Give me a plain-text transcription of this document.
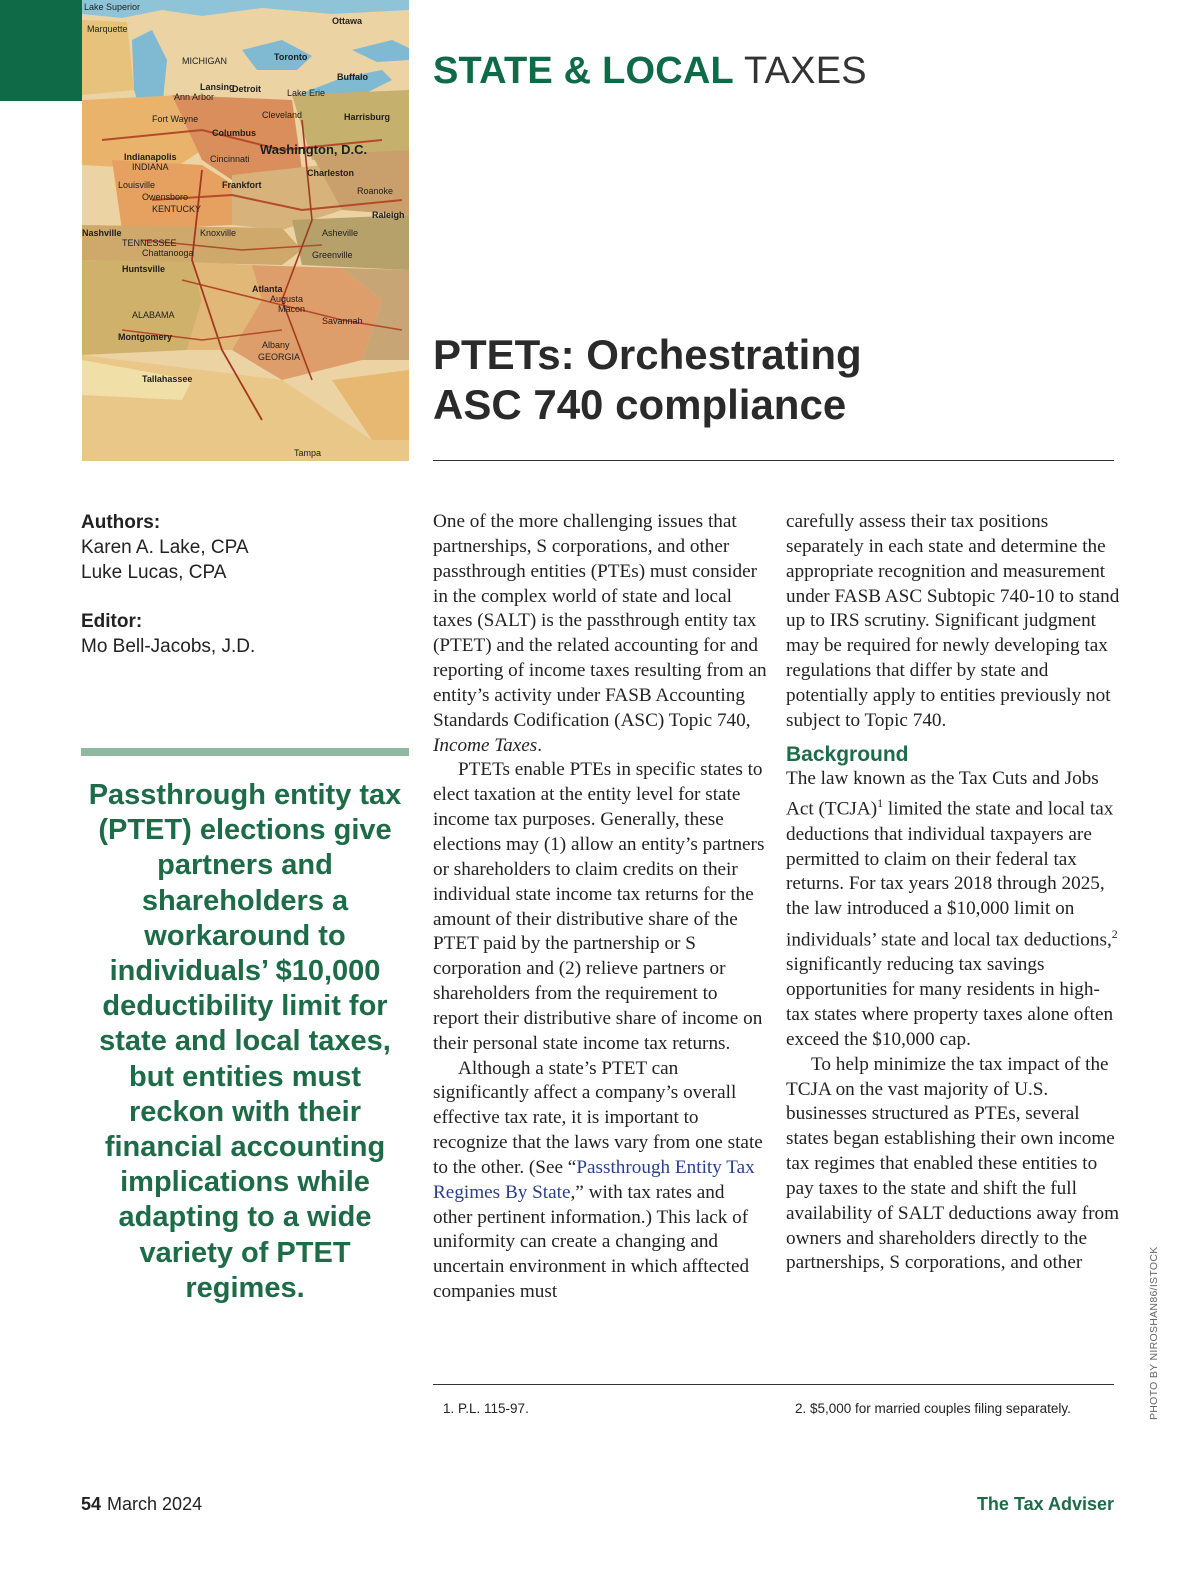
Lake Superior
Marquette
MICHIGAN	Toronto
Ottawa
Lansing
Ann Arbor
Detroit	Lake Erie
Buffalo
Fort Wayne	Cleveland	Harrisburg
Columbus
Washington, D.C.
Indianapolis
INDIANA
Cincinnati
Charleston
Frankfort
Louisville
Owensboro
KENTUCKY
Roanoke
Raleigh
Nashville	Knoxville
TENNESSEE
Chattanooga
Asheville
Greenville
Huntsville
Atlanta
Augusta
Macon
ALABAMA
Montgomery
Savannah
Albany
GEORGIA
Tallahassee
Tampa
STATE & LOCAL TAXES
PTETs: Orchestrating
ASC 740 compliance
Authors:
Karen A. Lake, CPA
Luke Lucas, CPA
Editor:
Mo Bell-Jacobs, J.D.
Passthrough entity tax (PTET) elections give partners and shareholders a workaround to individuals’ $10,000 deductibility limit for state and local taxes, but entities must reckon with their financial accounting implications while adapting to a wide variety of PTET regimes.

One of the more challenging issues that partnerships, S corporations, and other passthrough entities (PTEs) must consider in the complex world of state and local taxes (SALT) is the passthrough entity tax (PTET) and the related accounting for and reporting of income taxes resulting from an entity’s activity under FASB Accounting Standards Codification (ASC) Topic 740, Income Taxes.

PTETs enable PTEs in specific states to elect taxation at the entity level for state income tax purposes. Generally, these elections may (1) allow an entity’s partners or shareholders to claim credits on their individual state income tax returns for the amount of their distributive share of the PTET paid by the partnership or S corporation and (2) relieve partners or shareholders from the requirement to report their distributive share of income on their personal state income tax returns.

Although a state’s PTET can significantly affect a company’s overall effective tax rate, it is important to recognize that the laws vary from one state to the other. (See “Passthrough Entity Tax Regimes By State,” with tax rates and other pertinent information.) This lack of uniformity can create a changing and uncertain environment in which afftected companies must

carefully assess their tax positions separately in each state and determine the appropriate recognition and measurement under FASB ASC Subtopic 740-10 to stand up to IRS scrutiny. Significant judgment may be required for newly developing tax regulations that differ by state and potentially apply to entities previously not subject to Topic 740.

Background

The law known as the Tax Cuts and Jobs Act (TCJA)$^1$ limited the state and local tax deductions that individual taxpayers are permitted to claim on their federal tax returns. For tax years 2018 through 2025, the law introduced a $10,000 limit on individuals’ state and local tax deductions,$^2$ significantly reducing tax savings opportunities for many residents in high-tax states where property taxes alone often exceed the $10,000 cap.

To help minimize the tax impact of the TCJA on the vast majority of U.S. businesses structured as PTEs, several states began establishing their own income tax regimes that enabled these entities to pay taxes to the state and shift the full availability of SALT deductions away from owners and shareholders directly to the partnerships, S corporations, and other

1. P.L. 115-97.	2. $5,000 for married couples filing separately.	PHOTO BY NIROSHAN86/ISTOCK
54 March 2024	The Tax Adviser
